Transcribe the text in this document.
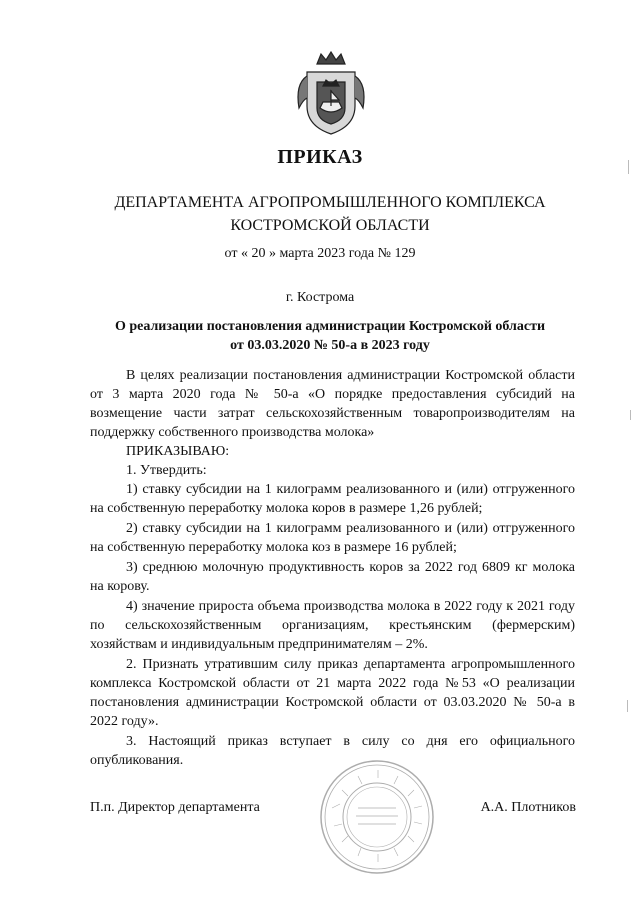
ПРИКАЗ
ДЕПАРТАМЕНТА АГРОПРОМЫШЛЕННОГО КОМПЛЕКСА
КОСТРОМСКОЙ ОБЛАСТИ
от « 20 » марта 2023 года № 129
г. Кострома
О реализации постановления администрации Костромской области
от 03.03.2020 № 50-а в 2023 году

В целях реализации постановления администрации Костромской области от 3 марта 2020 года № 50-а «О порядке предоставления субсидий на возмещение части затрат сельскохозяйственным товаропроизводителям на поддержку собственного производства молока»

ПРИКАЗЫВАЮ:

1. Утвердить:

1) ставку субсидии на 1 килограмм реализованного и (или) отгруженного на собственную переработку молока коров в размере 1,26 рублей;

2) ставку субсидии на 1 килограмм реализованного и (или) отгруженного на собственную переработку молока коз в размере 16 рублей;

3) среднюю молочную продуктивность коров за 2022 год 6809 кг молока на корову.

4) значение прироста объема производства молока в 2022 году к 2021 году по сельскохозяйственным организациям, крестьянским (фермерским) хозяйствам и индивидуальным предпринимателям – 2%.

2. Признать утратившим силу приказ департамента агропромышленного комплекса Костромской области от 21 марта 2022 года №53 «О реализации постановления администрации Костромской области от 03.03.2020 № 50-а в 2022 году».

3. Настоящий приказ вступает в силу со дня его официального опубликования.

П.п. Директор департамента	А.А. Плотников
